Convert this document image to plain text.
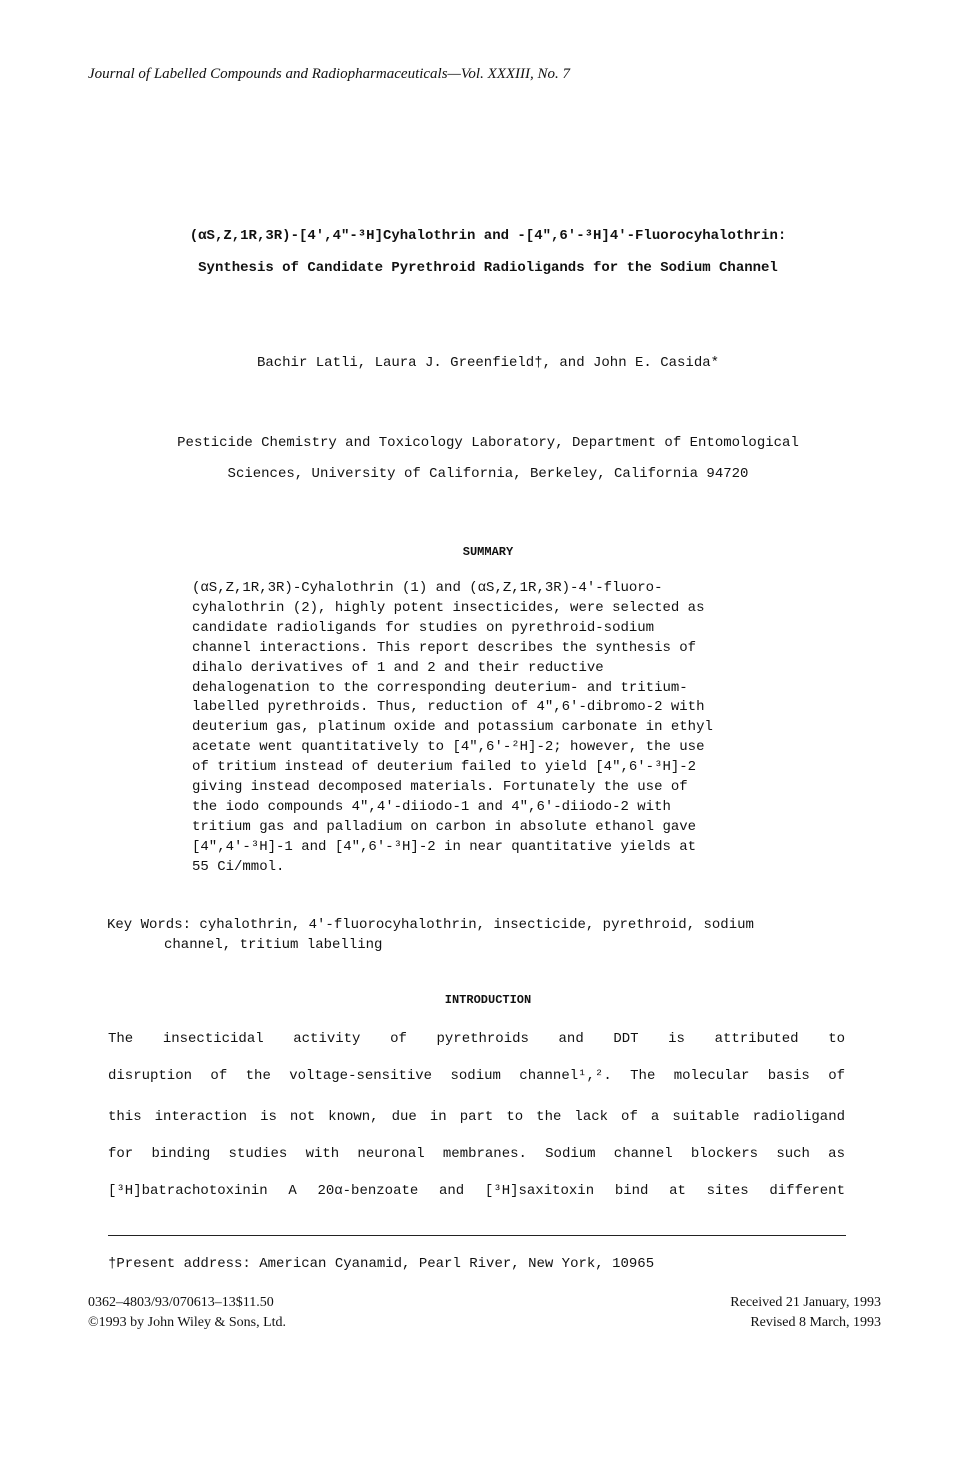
Journal of Labelled Compounds and Radiopharmaceuticals—Vol. XXXIII, No. 7
(αS,Z,1R,3R)-[4',4"-³H]Cyhalothrin and -[4",6'-³H]4'-Fluorocyhalothrin:
Synthesis of Candidate Pyrethroid Radioligands for the Sodium Channel
Bachir Latli, Laura J. Greenfield†, and John E. Casida*
Pesticide Chemistry and Toxicology Laboratory, Department of Entomological
Sciences, University of California, Berkeley, California 94720
SUMMARY

(αS,Z,1R,3R)-Cyhalothrin (1) and (αS,Z,1R,3R)-4'-fluoro-
cyhalothrin (2), highly potent insecticides, were selected as
candidate radioligands for studies on pyrethroid-sodium
channel interactions. This report describes the synthesis of
dihalo derivatives of 1 and 2 and their reductive
dehalogenation to the corresponding deuterium- and tritium-
labelled pyrethroids. Thus, reduction of 4",6'-dibromo-2 with
deuterium gas, platinum oxide and potassium carbonate in ethyl
acetate went quantitatively to [4",6'-²H]-2; however, the use
of tritium instead of deuterium failed to yield [4",6'-³H]-2
giving instead decomposed materials. Fortunately the use of
the iodo compounds 4",4'-diiodo-1 and 4",6'-diiodo-2 with
tritium gas and palladium on carbon in absolute ethanol gave
[4",4'-³H]-1 and [4",6'-³H]-2 in near quantitative yields at
55 Ci/mmol.

Key Words: cyhalothrin, 4'-fluorocyhalothrin, insecticide, pyrethroid, sodium

channel, tritium labelling

INTRODUCTION
The insecticidal activity of pyrethroids and DDT is attributed to
disruption of the voltage-sensitive sodium channel¹,². The molecular basis of
this interaction is not known, due in part to the lack of a suitable radioligand
for binding studies with neuronal membranes. Sodium channel blockers such as
[³H]batrachotoxinin A 20α-benzoate and [³H]saxitoxin bind at sites different
†Present address: American Cyanamid, Pearl River, New York, 10965
0362–4803/93/070613–13$11.50
©1993 by John Wiley & Sons, Ltd.
Received 21 January, 1993
Revised 8 March, 1993
